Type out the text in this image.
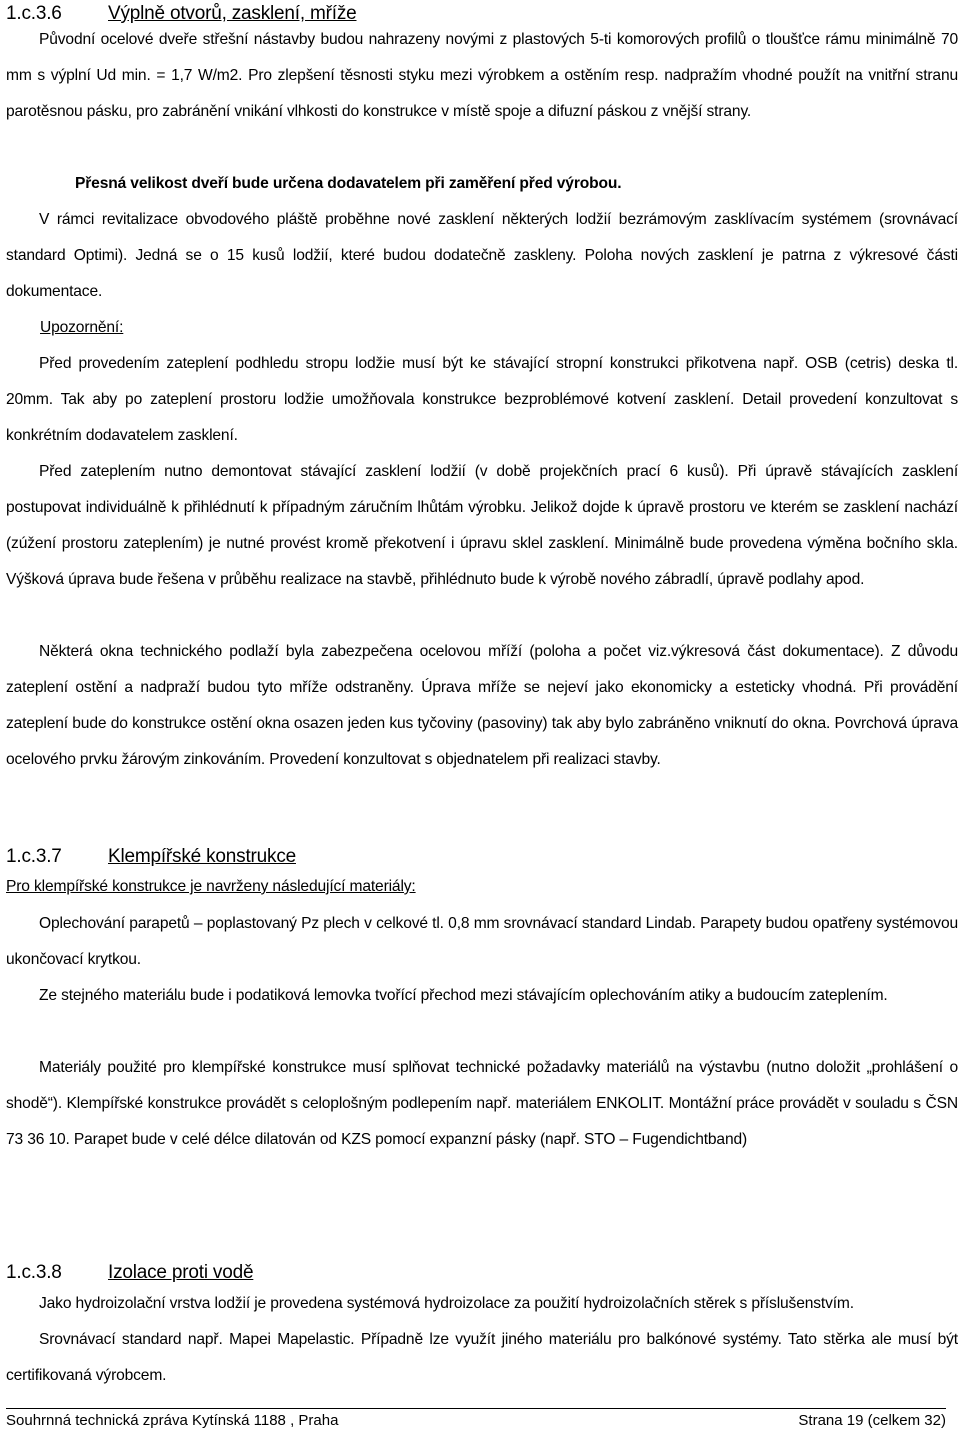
1.c.3.6 Výplně otvorů, zasklení, mříže
Původní ocelové dveře střešní nástavby budou nahrazeny novými z plastových 5-ti komorových profilů o tloušťce rámu minimálně 70 mm s výplní Ud min. = 1,7 W/m2. Pro zlepšení těsnosti styku mezi výrobkem a ostěním resp. nadpražím vhodné použít na vnitřní stranu parotěsnou pásku, pro zabránění vnikání vlhkosti do konstrukce v místě spoje a difuzní páskou z vnější strany.
Přesná velikost dveří bude určena dodavatelem při zaměření před výrobou.
V rámci revitalizace obvodového pláště proběhne nové zasklení některých lodžií bezrámovým zasklívacím systémem (srovnávací standard Optimi). Jedná se o 15 kusů lodžií, které budou dodatečně zaskleny. Poloha nových zasklení je patrna z výkresové části dokumentace.
Upozornění:
Před provedením zateplení podhledu stropu lodžie musí být ke stávající stropní konstrukci přikotvena např. OSB (cetris) deska tl. 20mm. Tak aby po zateplení prostoru lodžie umožňovala konstrukce bezproblémové kotvení zasklení. Detail provedení konzultovat s konkrétním dodavatelem zasklení.
Před zateplením nutno demontovat stávající zasklení lodžií (v době projekčních prací 6 kusů). Při úpravě stávajících zasklení postupovat individuálně k přihlédnutí k případným záručním lhůtám výrobku. Jelikož dojde k úpravě prostoru ve kterém se zasklení nachází (zúžení prostoru zateplením) je nutné provést kromě překotvení i úpravu sklel zasklení. Minimálně bude provedena výměna bočního skla. Výšková úprava bude řešena v průběhu realizace na stavbě, přihlédnuto bude k výrobě nového zábradlí, úpravě podlahy apod.
Některá okna technického podlaží byla zabezpečena ocelovou mříží (poloha a počet viz.výkresová část dokumentace). Z důvodu zateplení ostění a nadpraží budou tyto mříže odstraněny. Úprava mříže se nejeví jako ekonomicky a esteticky vhodná. Při provádění zateplení bude do konstrukce ostění okna osazen jeden kus tyčoviny (pasoviny) tak aby bylo zabráněno vniknutí do okna. Povrchová úprava ocelového prvku žárovým zinkováním. Provedení konzultovat s objednatelem při realizaci stavby.
1.c.3.7 Klempířské konstrukce
Pro klempířské konstrukce je navrženy následující materiály:
Oplechování parapetů – poplastovaný Pz plech v celkové tl. 0,8 mm srovnávací standard Lindab. Parapety budou opatřeny systémovou ukončovací krytkou.
Ze stejného materiálu bude i podatiková lemovka tvořící přechod mezi stávajícím oplechováním atiky a budoucím zateplením.
Materiály použité pro klempířské konstrukce musí splňovat technické požadavky materiálů na výstavbu (nutno doložit „prohlášení o shodě“). Klempířské konstrukce provádět s celoplošným podlepením např. materiálem ENKOLIT. Montážní práce provádět v souladu s ČSN 73 36 10. Parapet bude v celé délce dilatován od KZS pomocí expanzní pásky (např. STO – Fugendichtband)
1.c.3.8 Izolace proti vodě
Jako hydroizolační vrstva lodžií je provedena systémová hydroizolace za použití hydroizolačních stěrek s příslušenstvím.
Srovnávací standard např. Mapei Mapelastic. Případně lze využít jiného materiálu pro balkónové systémy. Tato stěrka ale musí být certifikovaná výrobcem.
Souhrnná technická zpráva Kytínská 1188 , Praha	Strana 19 (celkem 32)
